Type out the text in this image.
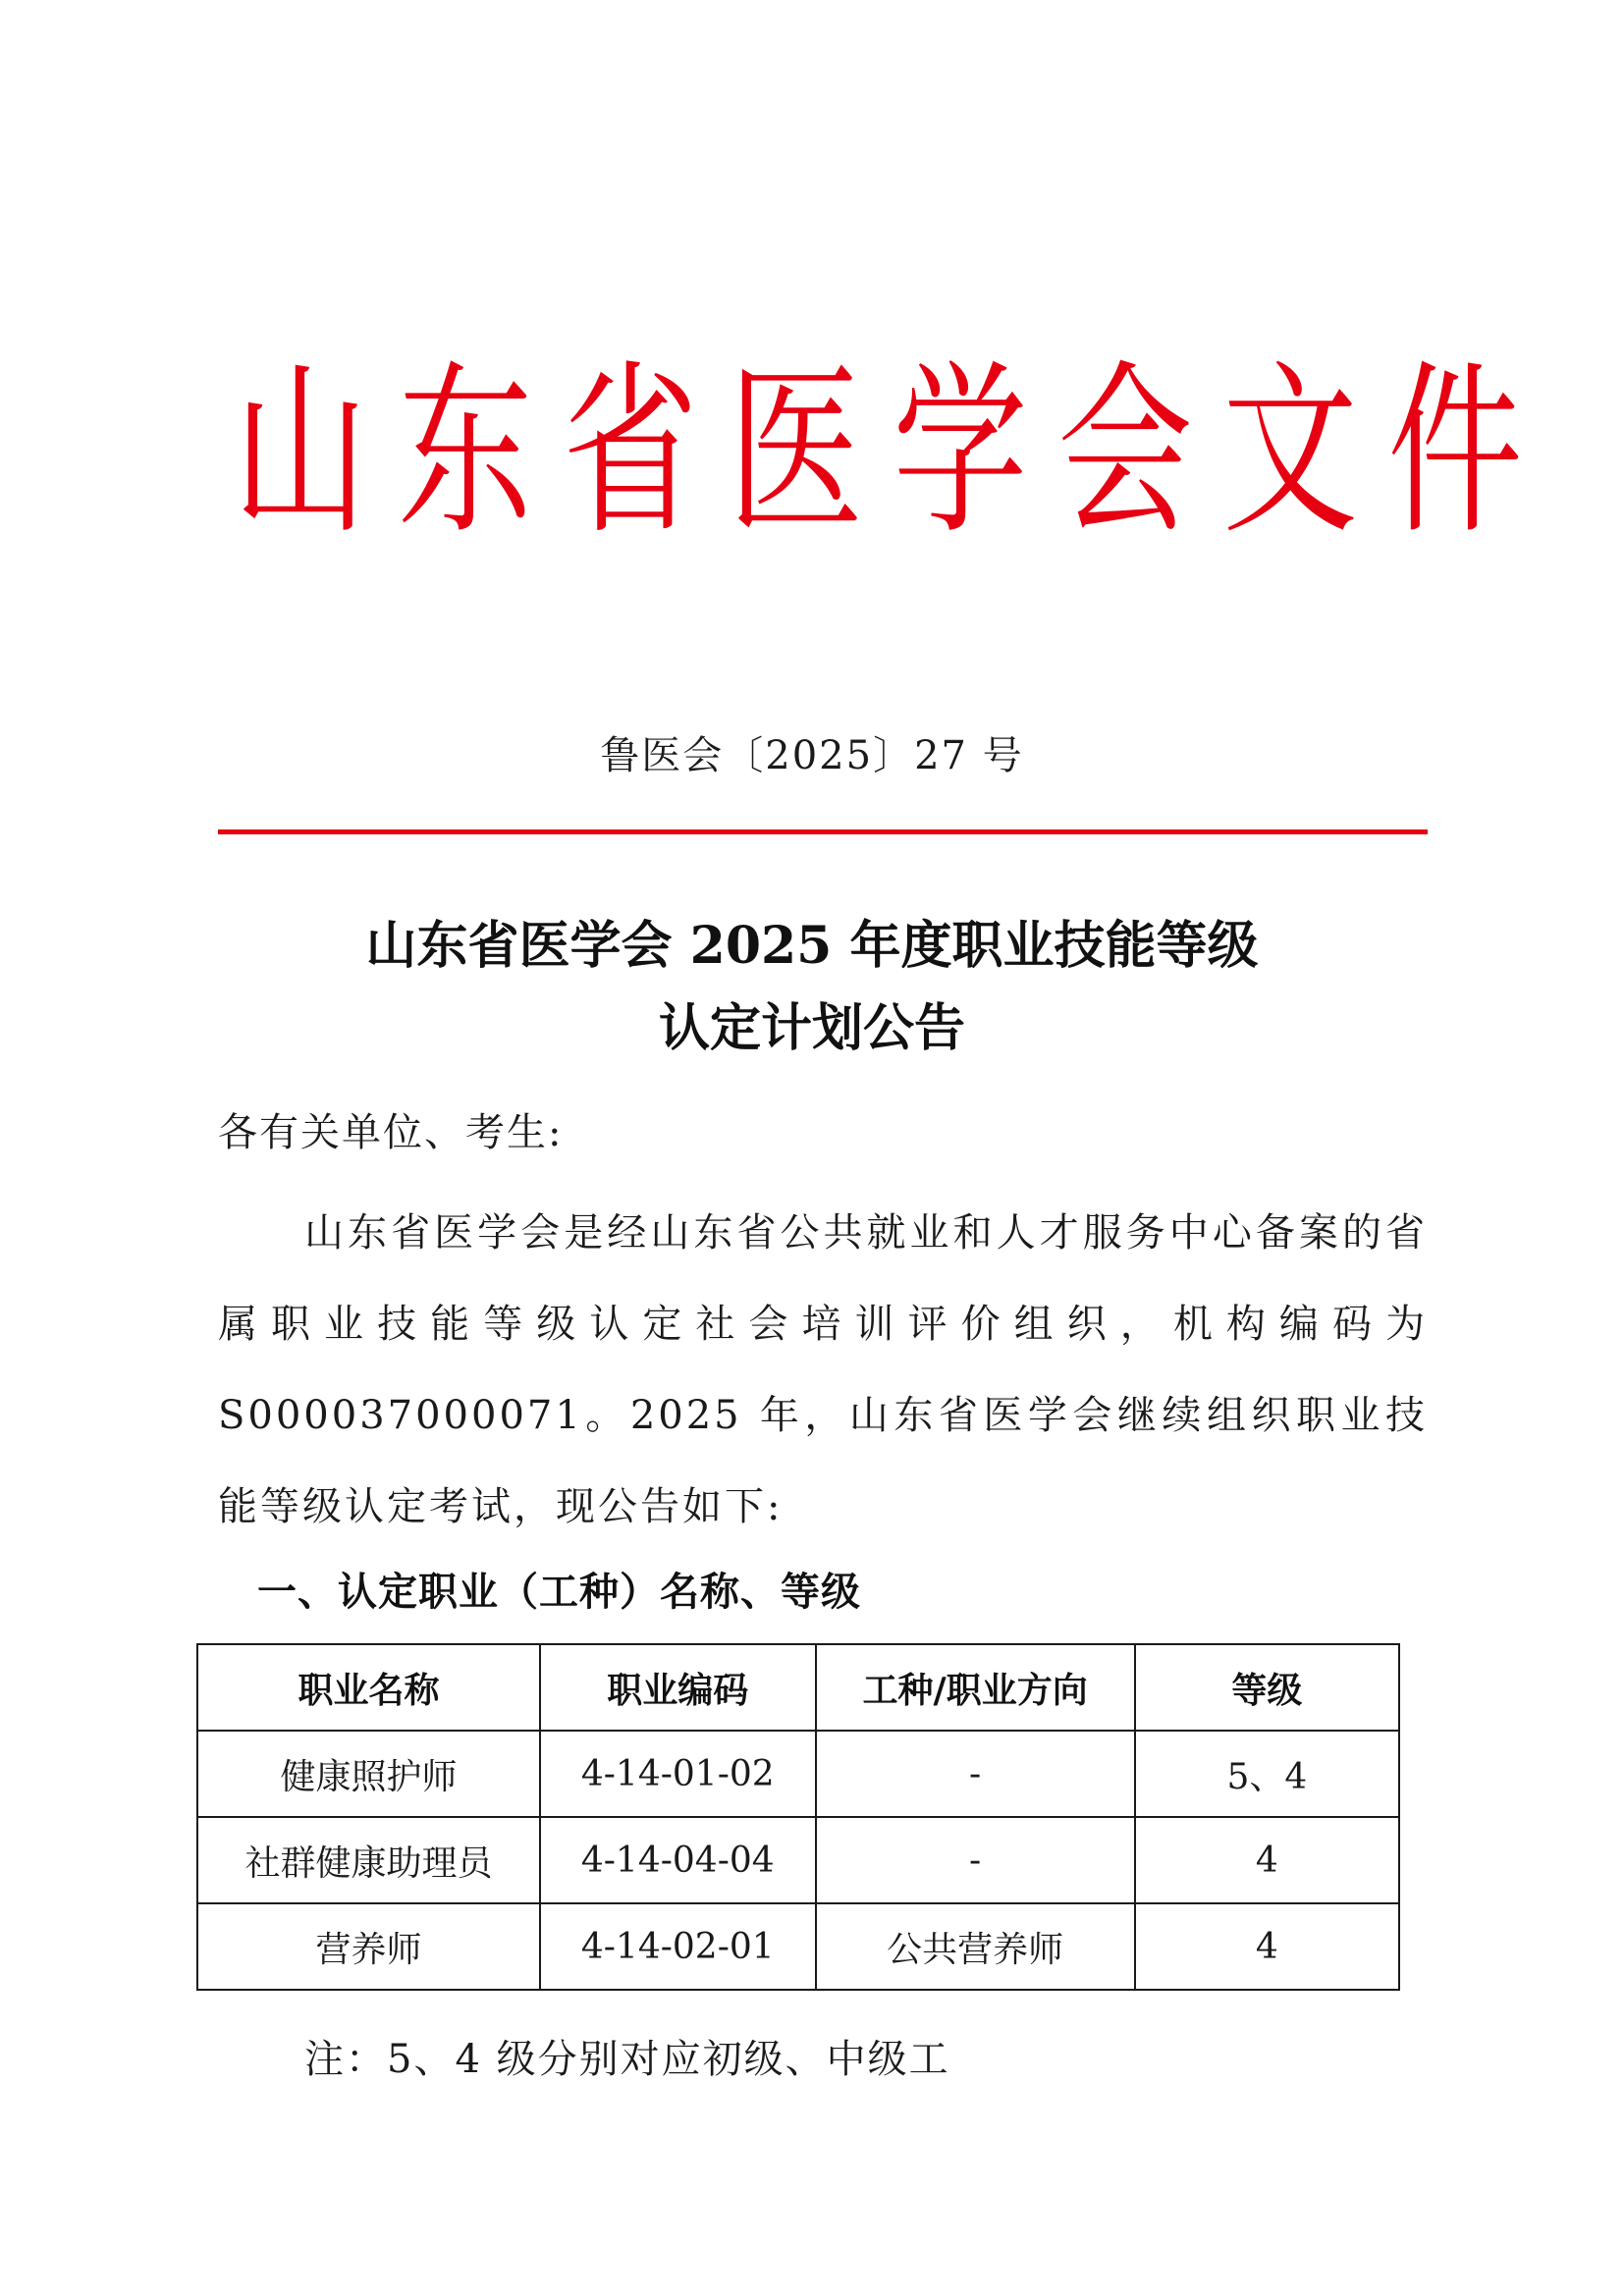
山 东 省 医 学 会 文 件
鲁医会〔2025〕27 号
山东省医学会 2025 年度职业技能等级
认定计划公告
各有关单位、考生:
山东省医学会是经山东省公共就业和人才服务中心备案的省属职业技能等级认定社会培训评价组织，机构编码为S000037000071。2025 年，山东省医学会继续组织职业技能等级认定考试，现公告如下:
一、认定职业（工种）名称、等级
职业名称	职业编码	工种/职业方向	等级
健康照护师	4-14-01-02	-	5、4
社群健康助理员	4-14-04-04	-	4
营养师	4-14-02-01	公共营养师	4
注：5、4 级分别对应初级、中级工
